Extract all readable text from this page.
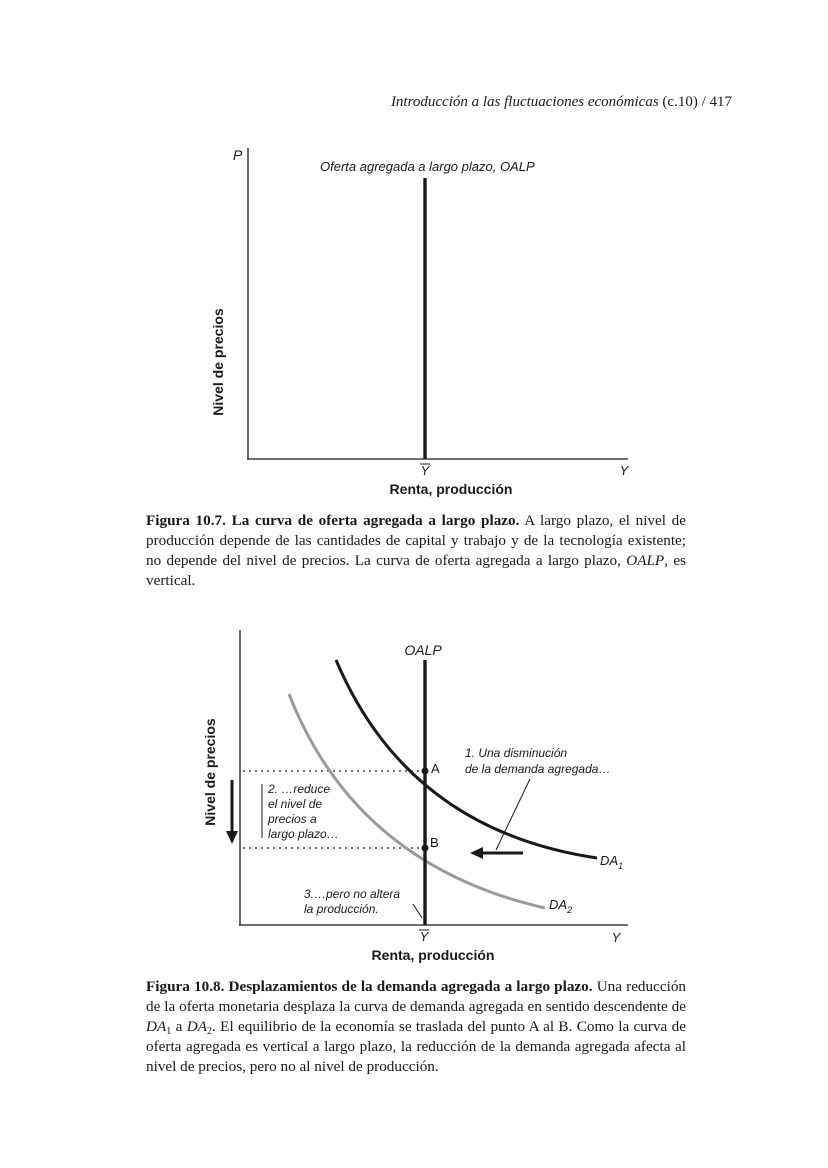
Introducción a las fluctuaciones económicas (c.10) / 417
P
Nivel de precios
Oferta agregada a largo plazo, OALP
Y	Y
Renta, producción
Figura 10.7. La curva de oferta agregada a largo plazo. A largo plazo, el nivel de producción depende de las cantidades de capital y trabajo y de la tecnología existente; no depende del nivel de precios. La curva de oferta agregada a largo plazo, OALP, es vertical.
Nivel de precios
OALP
A
B
$DA_1$
$DA_2$
1. Una disminución
de la demanda agregada…
2. …reduce
el nivel de
precios a
largo plazo…
3.…pero no altera
la producción.
Y	Y
Renta, producción
Figura 10.8. Desplazamientos de la demanda agregada a largo plazo. Una reducción de la oferta monetaria desplaza la curva de demanda agregada en sentido descendente de $DA_1$ a $DA_2$. El equilibrio de la economía se traslada del punto A al B. Como la curva de oferta agregada es vertical a largo plazo, la reducción de la demanda agregada afecta al nivel de precios, pero no al nivel de producción.
